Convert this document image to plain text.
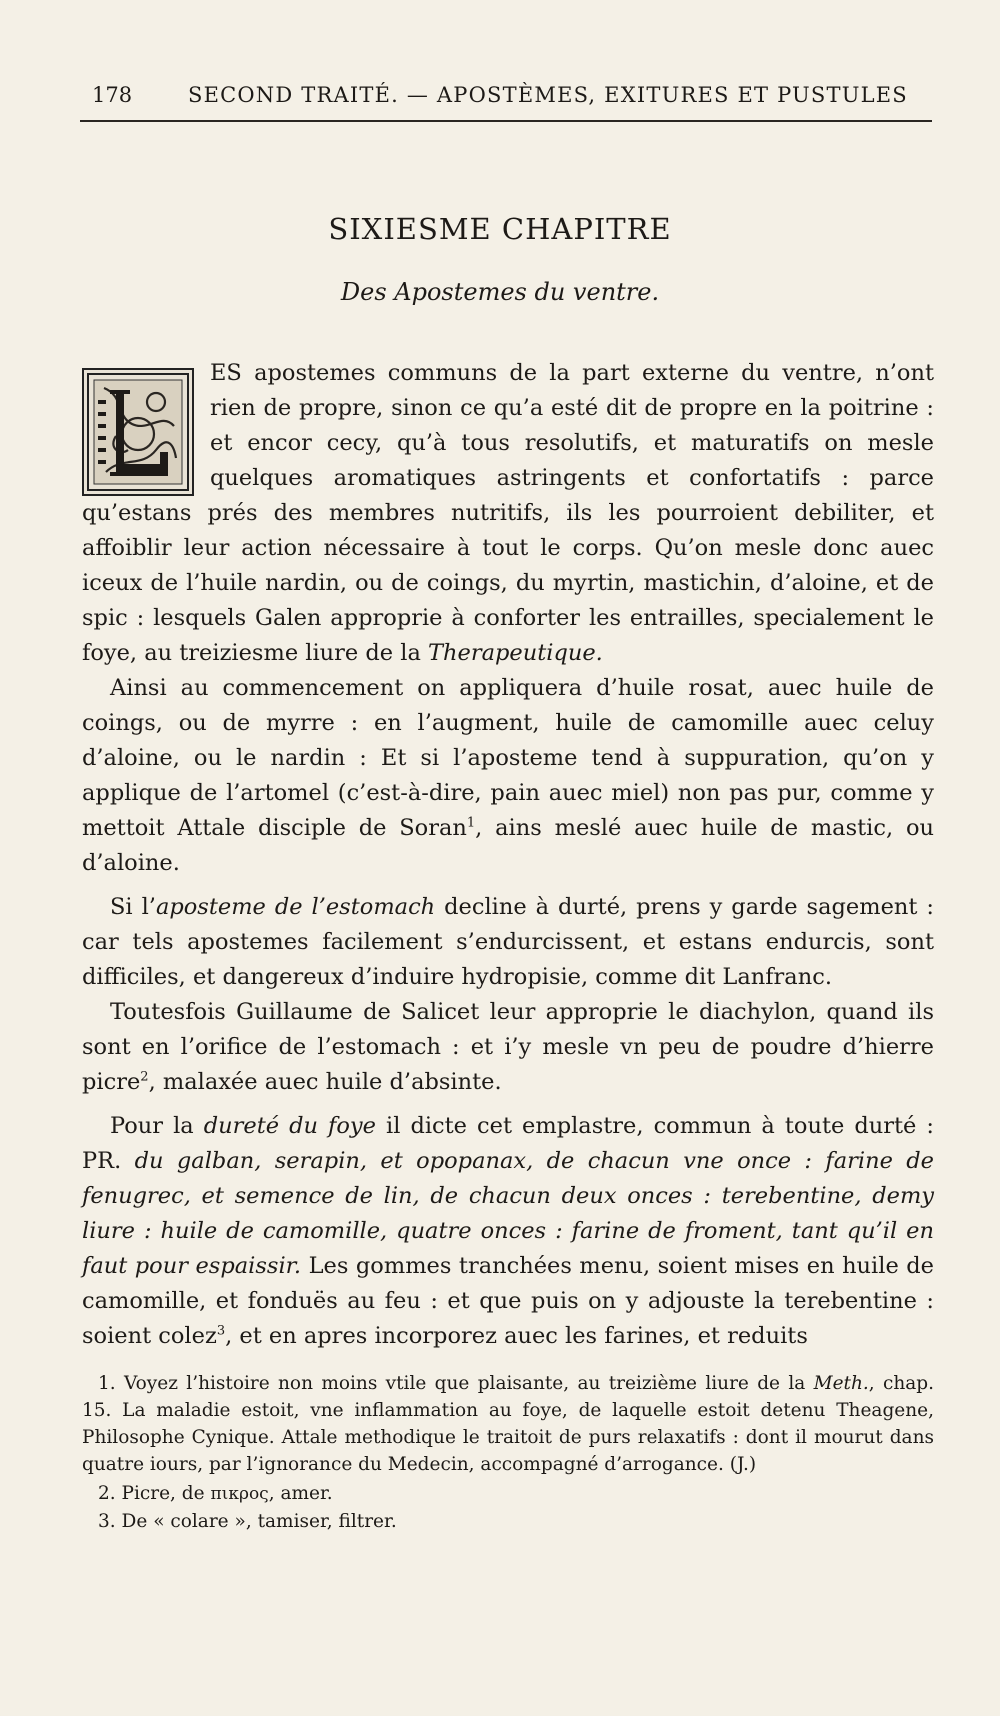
178	SECOND TRAITÉ. — APOSTÈMES, EXITURES ET PUSTULES
SIXIESME CHAPITRE
Des Apostemes du ventre.

ES apostemes communs de la part externe du ventre, n’ont rien de propre, sinon ce qu’a esté dit de propre en la poitrine : et encor cecy, qu’à tous resolutifs, et maturatifs on mesle quelques aromatiques astringents et confortatifs : parce qu’estans prés des membres nutritifs, ils les pourroient debiliter, et affoiblir leur action nécessaire à tout le corps. Qu’on mesle donc auec iceux de l’huile nardin, ou de coings, du myrtin, mastichin, d’aloine, et de spic : lesquels Galen approprie à conforter les entrailles, specialement le foye, au treiziesme liure de la Therapeutique.

Ainsi au commencement on appliquera d’huile rosat, auec huile de coings, ou de myrre : en l’augment, huile de camomille auec celuy d’aloine, ou le nardin : Et si l’aposteme tend à suppuration, qu’on y applique de l’artomel (c’est-à-dire, pain auec miel) non pas pur, comme y mettoit Attale disciple de Soran$^1$, ains meslé auec huile de mastic, ou d’aloine.

Si l’aposteme de l’estomach decline à durté, prens y garde sagement : car tels apostemes facilement s’endurcissent, et estans endurcis, sont difficiles, et dangereux d’induire hydropisie, comme dit Lanfranc.

Toutesfois Guillaume de Salicet leur approprie le diachylon, quand ils sont en l’orifice de l’estomach : et i’y mesle vn peu de poudre d’hierre picre$^2$, malaxée auec huile d’absinte.

Pour la dureté du foye il dicte cet emplastre, commun à toute durté : PR. du galban, serapin, et opopanax, de chacun vne once : farine de fenugrec, et semence de lin, de chacun deux onces : terebentine, demy liure : huile de camomille, quatre onces : farine de froment, tant qu’il en faut pour espaissir. Les gommes tranchées menu, soient mises en huile de camomille, et fonduës au feu : et que puis on y adjouste la terebentine : soient colez$^3$, et en apres incorporez auec les farines, et reduits

1. Voyez l’histoire non moins vtile que plaisante, au treizième liure de la Meth., chap. 15. La maladie estoit, vne inflammation au foye, de laquelle estoit detenu Theagene, Philosophe Cynique. Attale methodique le traitoit de purs relaxatifs : dont il mourut dans quatre iours, par l’ignorance du Medecin, accompagné d’arrogance. (J.)

2. Picre, de πικρος, amer.

3. De « colare », tamiser, filtrer.
